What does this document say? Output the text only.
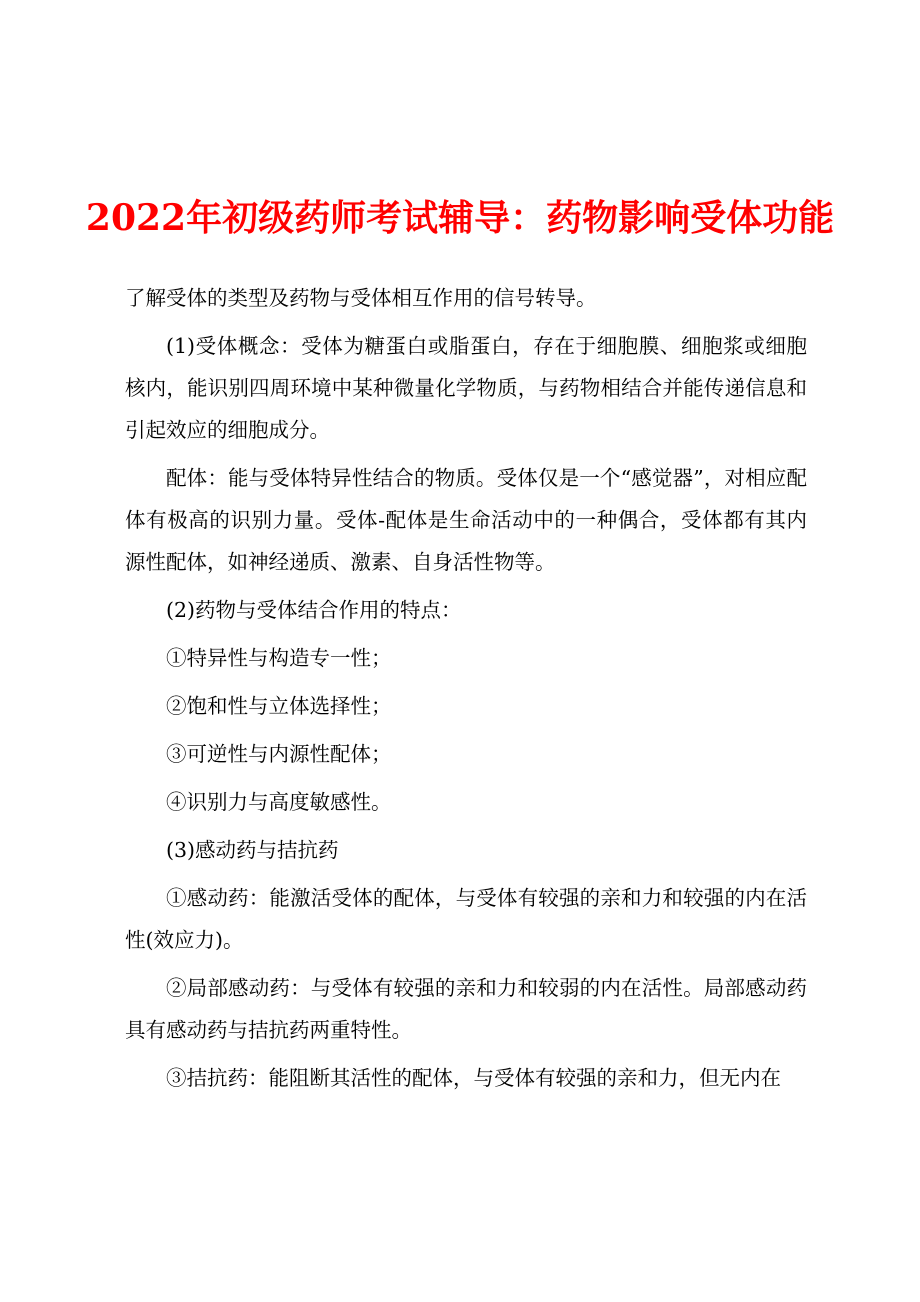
2022年初级药师考试辅导：药物影响受体功能

了解受体的类型及药物与受体相互作用的信号转导。

(1)受体概念：受体为糖蛋白或脂蛋白，存在于细胞膜、细胞浆或细胞核内，能识别四周环境中某种微量化学物质，与药物相结合并能传递信息和引起效应的细胞成分。

配体：能与受体特异性结合的物质。受体仅是一个“感觉器”，对相应配体有极高的识别力量。受体-配体是生命活动中的一种偶合，受体都有其内源性配体，如神经递质、激素、自身活性物等。

(2)药物与受体结合作用的特点：

①特异性与构造专一性；

②饱和性与立体选择性；

③可逆性与内源性配体；

④识别力与高度敏感性。

(3)感动药与拮抗药

①感动药：能激活受体的配体，与受体有较强的亲和力和较强的内在活性(效应力)。

②局部感动药：与受体有较强的亲和力和较弱的内在活性。局部感动药具有感动药与拮抗药两重特性。

③拮抗药：能阻断其活性的配体，与受体有较强的亲和力，但无内在
